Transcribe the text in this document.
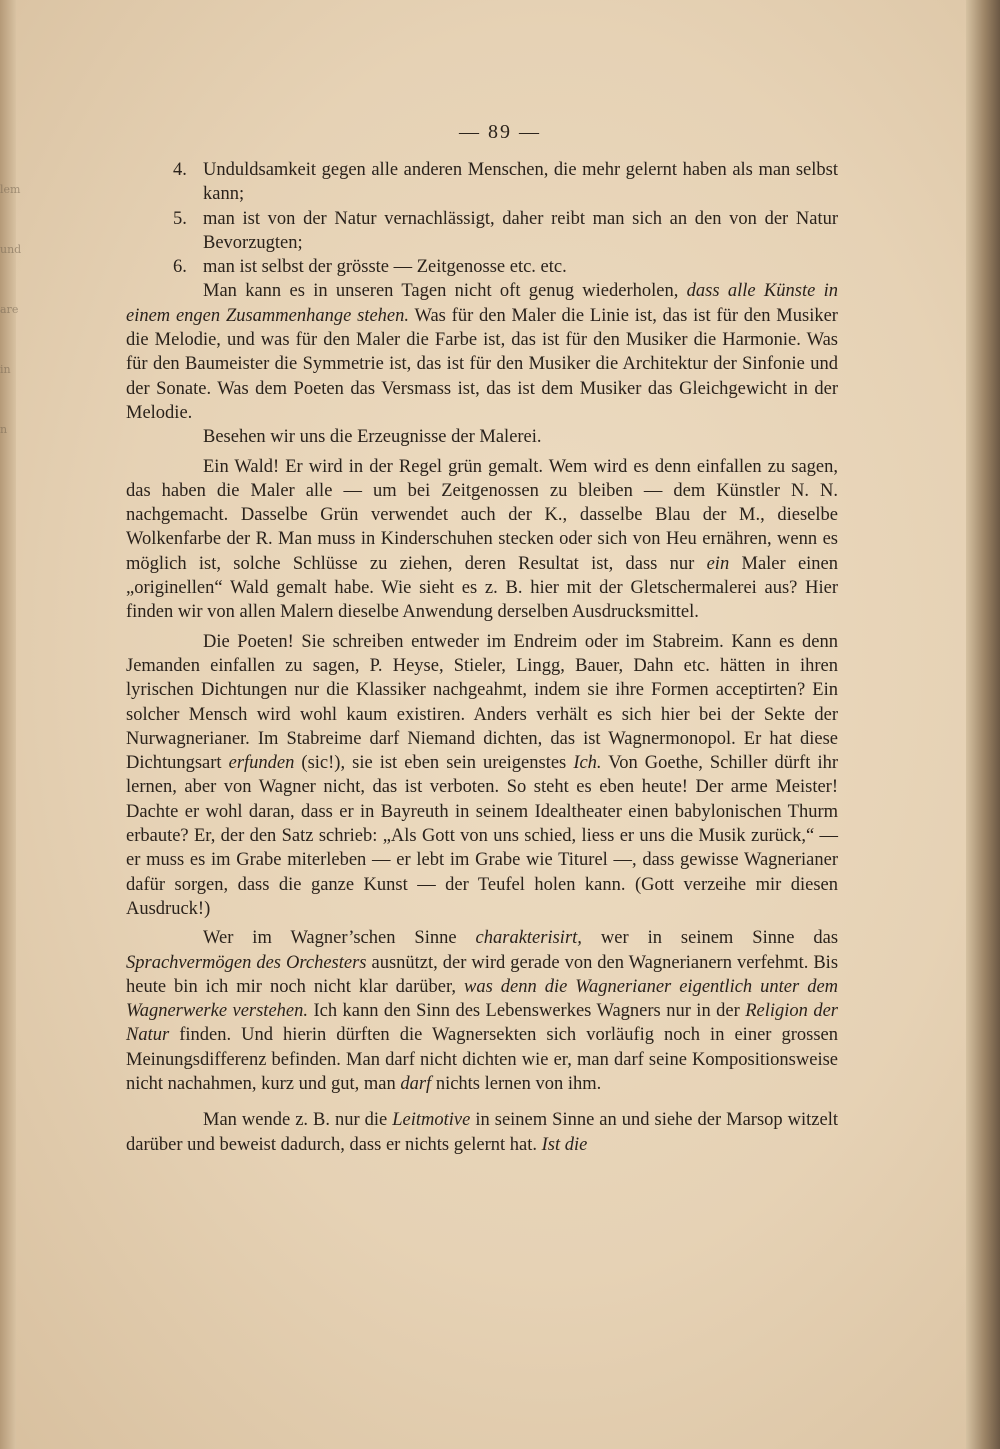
lem
und
are
in
n
— 89 —

4. Unduldsamkeit gegen alle anderen Menschen, die mehr gelernt haben als man selbst kann;

5. man ist von der Natur vernachlässigt, daher reibt man sich an den von der Natur Bevorzugten;

6. man ist selbst der grösste — Zeitgenosse etc. etc.

Man kann es in unseren Tagen nicht oft genug wiederholen, dass alle Künste in einem engen Zusammenhange stehen. Was für den Maler die Linie ist, das ist für den Musiker die Melodie, und was für den Maler die Farbe ist, das ist für den Musiker die Harmonie. Was für den Baumeister die Symmetrie ist, das ist für den Musiker die Architektur der Sinfonie und der Sonate. Was dem Poeten das Versmass ist, das ist dem Musiker das Gleichgewicht in der Melodie.

Besehen wir uns die Erzeugnisse der Malerei.

Ein Wald! Er wird in der Regel grün gemalt. Wem wird es denn einfallen zu sagen, das haben die Maler alle — um bei Zeitgenossen zu bleiben — dem Künstler N. N. nachgemacht. Dasselbe Grün verwendet auch der K., dasselbe Blau der M., dieselbe Wolkenfarbe der R. Man muss in Kinderschuhen stecken oder sich von Heu ernähren, wenn es möglich ist, solche Schlüsse zu ziehen, deren Resultat ist, dass nur ein Maler einen „originellen“ Wald gemalt habe. Wie sieht es z. B. hier mit der Gletschermalerei aus? Hier finden wir von allen Malern dieselbe Anwendung derselben Ausdrucksmittel.

Die Poeten! Sie schreiben entweder im Endreim oder im Stabreim. Kann es denn Jemanden einfallen zu sagen, P. Heyse, Stieler, Lingg, Bauer, Dahn etc. hätten in ihren lyrischen Dichtungen nur die Klassiker nachgeahmt, indem sie ihre Formen acceptirten? Ein solcher Mensch wird wohl kaum existiren. Anders verhält es sich hier bei der Sekte der Nurwagnerianer. Im Stabreime darf Niemand dichten, das ist Wagnermonopol. Er hat diese Dichtungsart erfunden (sic!), sie ist eben sein ureigenstes Ich. Von Goethe, Schiller dürft ihr lernen, aber von Wagner nicht, das ist verboten. So steht es eben heute! Der arme Meister! Dachte er wohl daran, dass er in Bayreuth in seinem Idealtheater einen babylonischen Thurm erbaute? Er, der den Satz schrieb: „Als Gott von uns schied, liess er uns die Musik zurück,“ — er muss es im Grabe miterleben — er lebt im Grabe wie Titurel —, dass gewisse Wagnerianer dafür sorgen, dass die ganze Kunst — der Teufel holen kann. (Gott verzeihe mir diesen Ausdruck!)

Wer im Wagner’schen Sinne charakterisirt, wer in seinem Sinne das Sprachvermögen des Orchesters ausnützt, der wird gerade von den Wagnerianern verfehmt. Bis heute bin ich mir noch nicht klar darüber, was denn die Wagnerianer eigentlich unter dem Wagnerwerke verstehen. Ich kann den Sinn des Lebenswerkes Wagners nur in der Religion der Natur finden. Und hierin dürften die Wagnersekten sich vorläufig noch in einer grossen Meinungsdifferenz befinden. Man darf nicht dichten wie er, man darf seine Kompositionsweise nicht nachahmen, kurz und gut, man darf nichts lernen von ihm.

Man wende z. B. nur die Leitmotive in seinem Sinne an und siehe der Marsop witzelt darüber und beweist dadurch, dass er nichts gelernt hat. Ist die
